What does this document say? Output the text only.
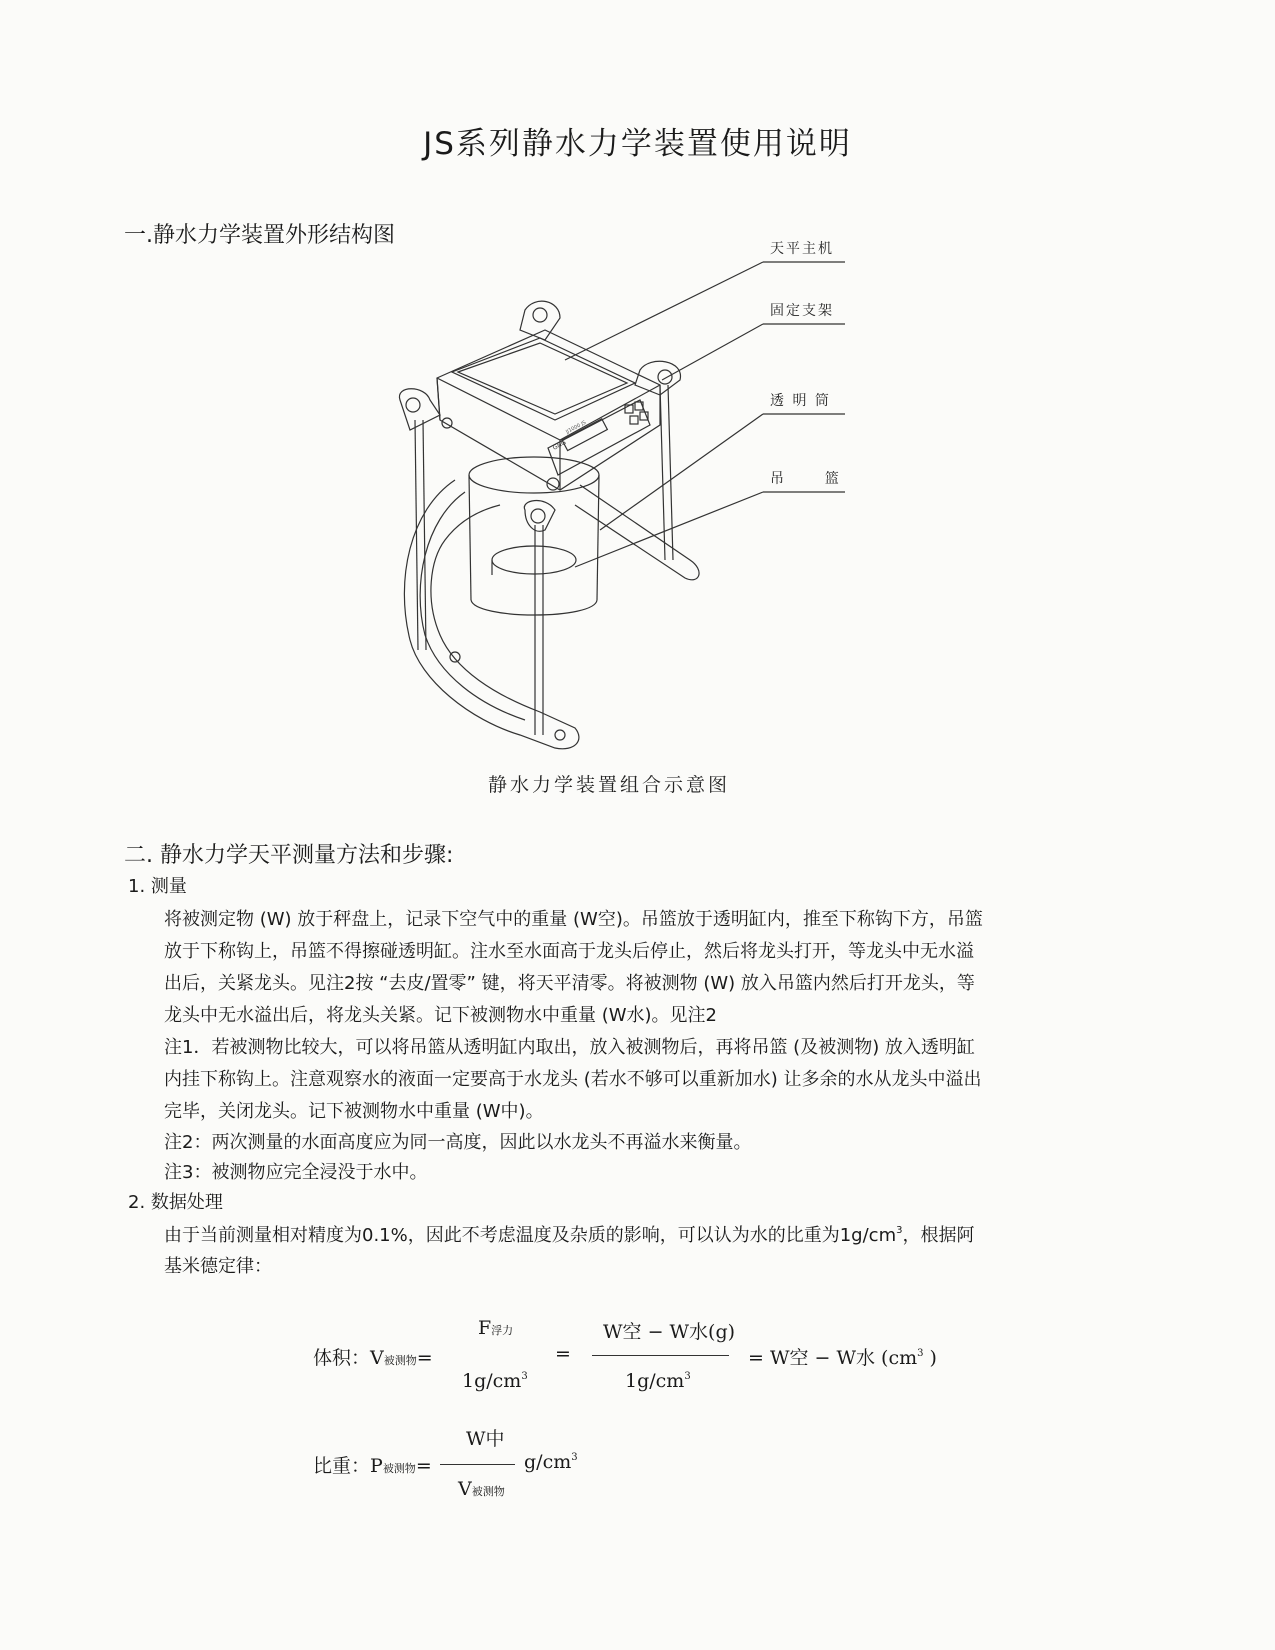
JS系列静水力学装置使用说明
一.静水力学装置外形结构图
G&G
天平主机
固定支架
透 明 筒
吊      篮
JJ1000 JS
静水力学装置组合示意图
二. 静水力学天平测量方法和步骤:
1. 测量
将被测定物 (W) 放于秤盘上，记录下空气中的重量 (W空)。吊篮放于透明缸内，推至下称钩下方，吊篮
放于下称钩上，吊篮不得擦碰透明缸。注水至水面高于龙头后停止，然后将龙头打开，等龙头中无水溢
出后，关紧龙头。见注2按 “去皮/置零” 键，将天平清零。将被测物 (W) 放入吊篮内然后打开龙头，等
龙头中无水溢出后，将龙头关紧。记下被测物水中重量 (W水)。见注2
注1．若被测物比较大，可以将吊篮从透明缸内取出，放入被测物后，再将吊篮 (及被测物) 放入透明缸
内挂下称钩上。注意观察水的液面一定要高于水龙头 (若水不够可以重新加水) 让多余的水从龙头中溢出
完毕，关闭龙头。记下被测物水中重量 (W中)。
注2：两次测量的水面高度应为同一高度，因此以水龙头不再溢水来衡量。
注3：被测物应完全浸没于水中。
2. 数据处理
由于当前测量相对精度为0.1%，因此不考虑温度及杂质的影响，可以认为水的比重为$1g/cm^3$，根据阿
基米德定律：
体积：V被测物=
F浮力
$1g/cm^3$
=
W空 − W水(g)
$1g/cm^3$
= W空 − W水 ($cm^3$ )
比重：P被测物=
W中
V被测物
$g/cm^3$
